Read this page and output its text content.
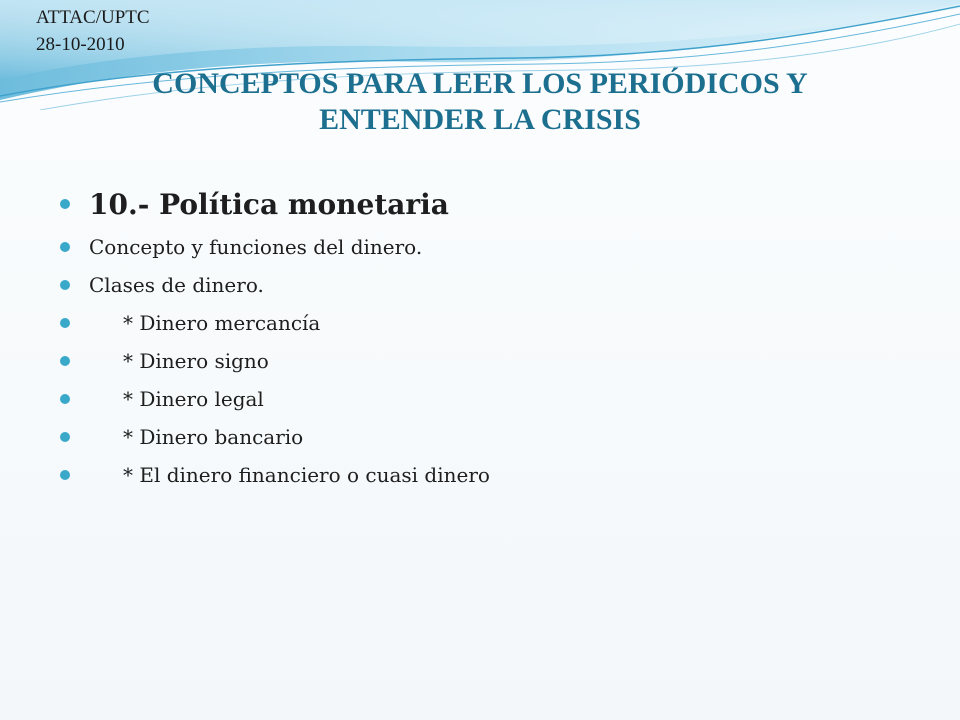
ATTAC/UPTC
28-10-2010
CONCEPTOS PARA LEER LOS PERIÓDICOS Y
ENTENDER LA CRISIS
10.- Política monetaria
Concepto y funciones del dinero.
Clases de dinero.
* Dinero mercancía
* Dinero signo
* Dinero legal
* Dinero bancario
* El dinero financiero o cuasi dinero
